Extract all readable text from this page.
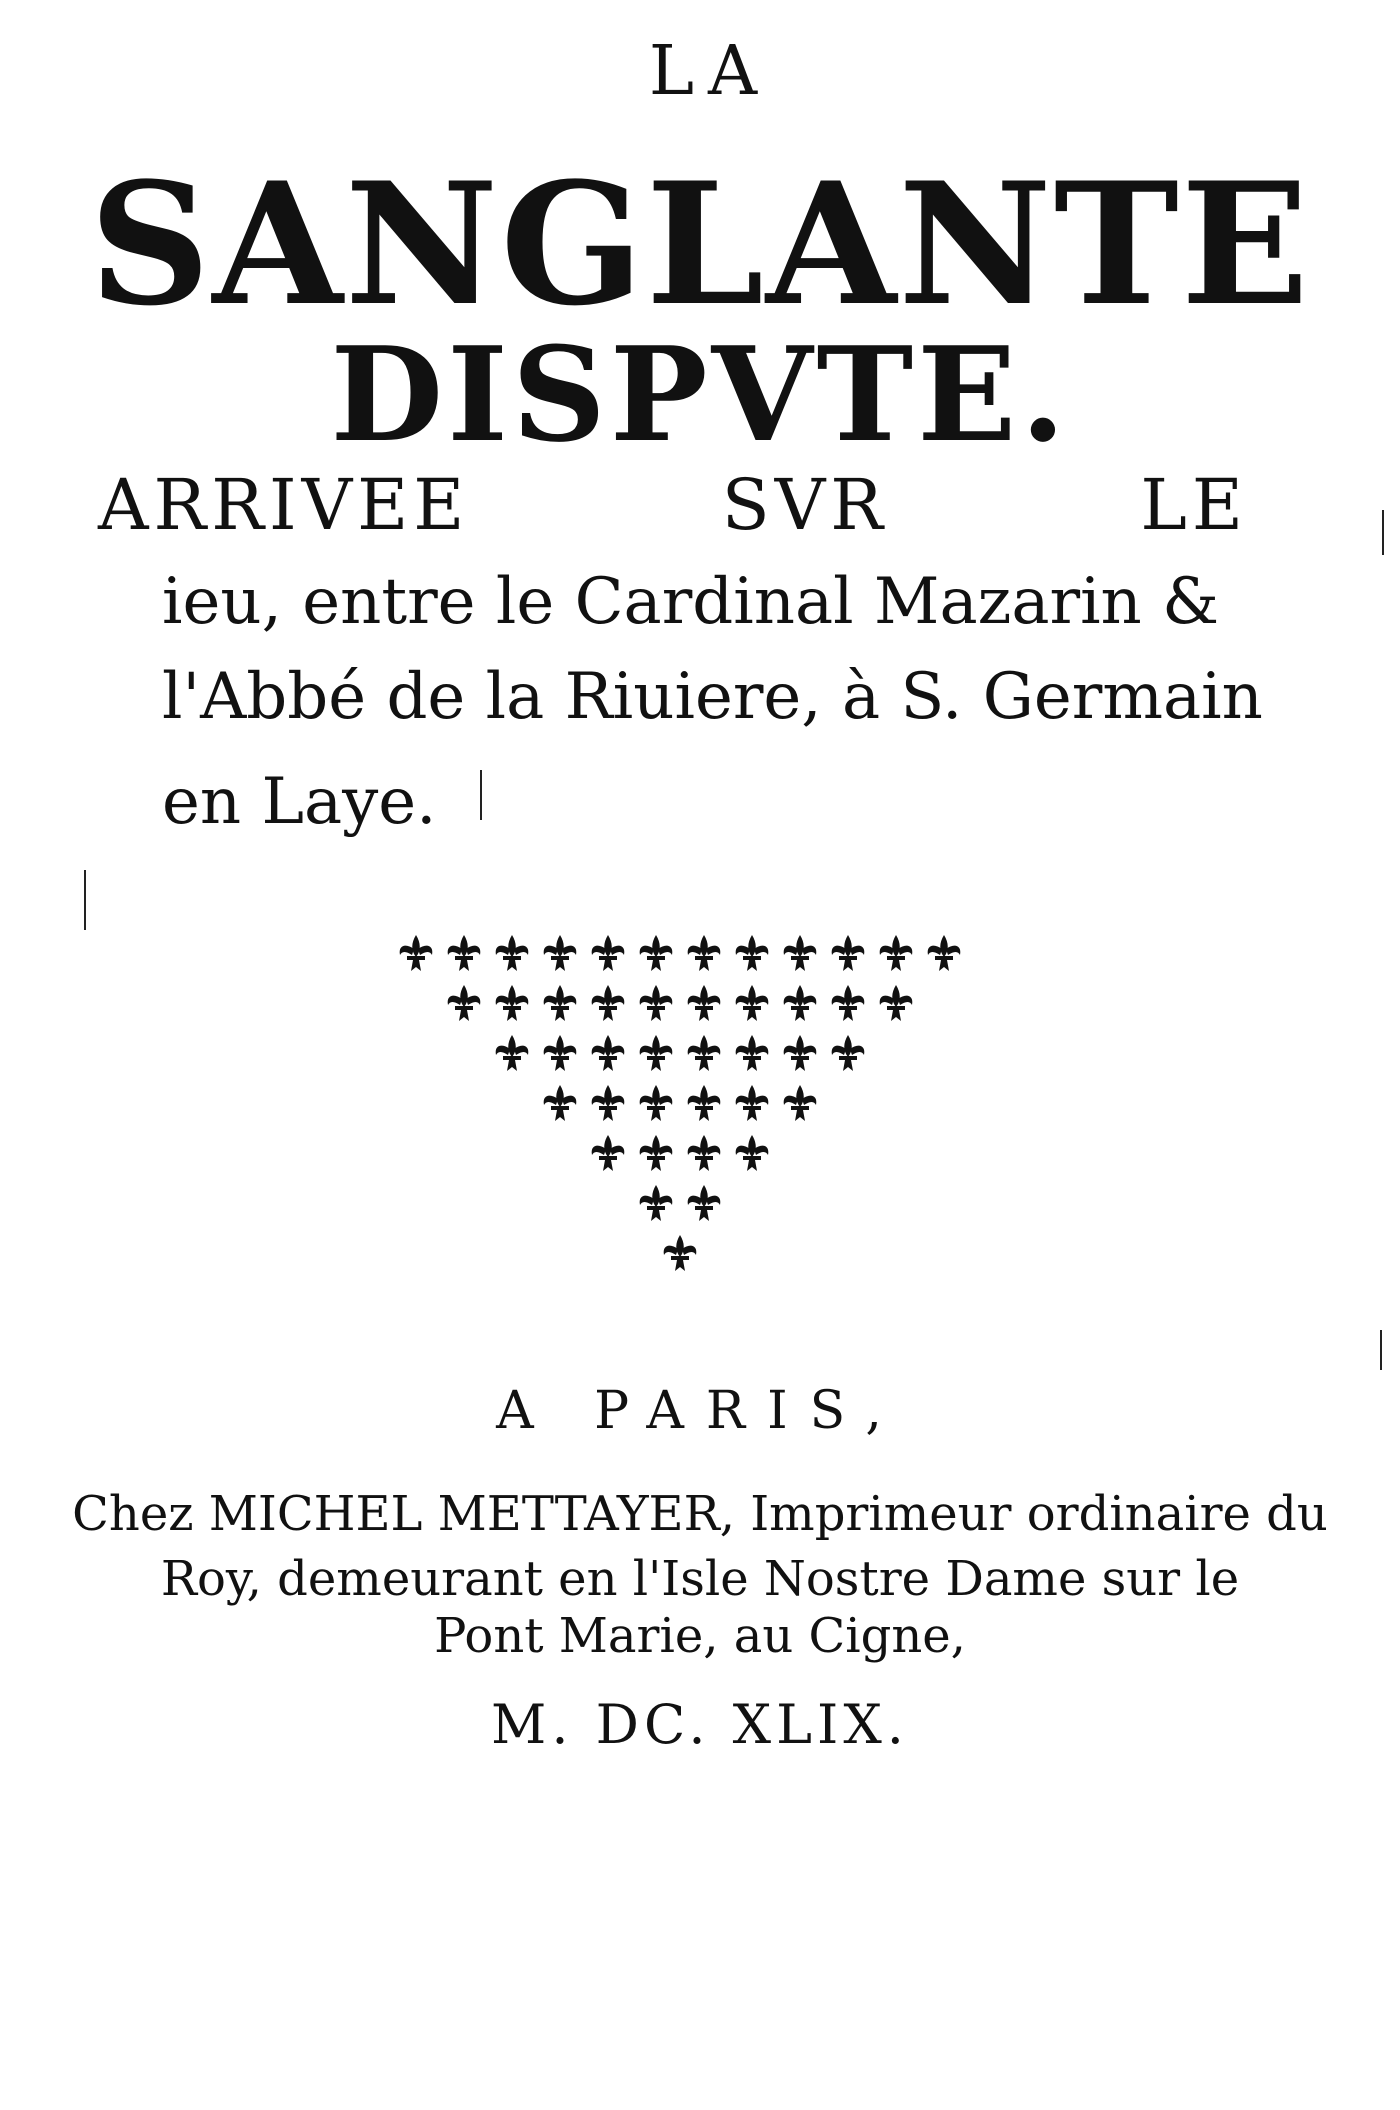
LA
SANGLANTE
DISPVTE.
ARRIVEE	SVR	LE
ieu, entre le Cardinal Mazarin &
l'Abbé de la Riuiere, à S. Germain
en Laye.
A PARIS,
Chez MICHEL METTAYER, Imprimeur ordinaire du
Roy, demeurant en l'Isle Nostre Dame sur le
Pont Marie, au Cigne,
M. DC. XLIX.
